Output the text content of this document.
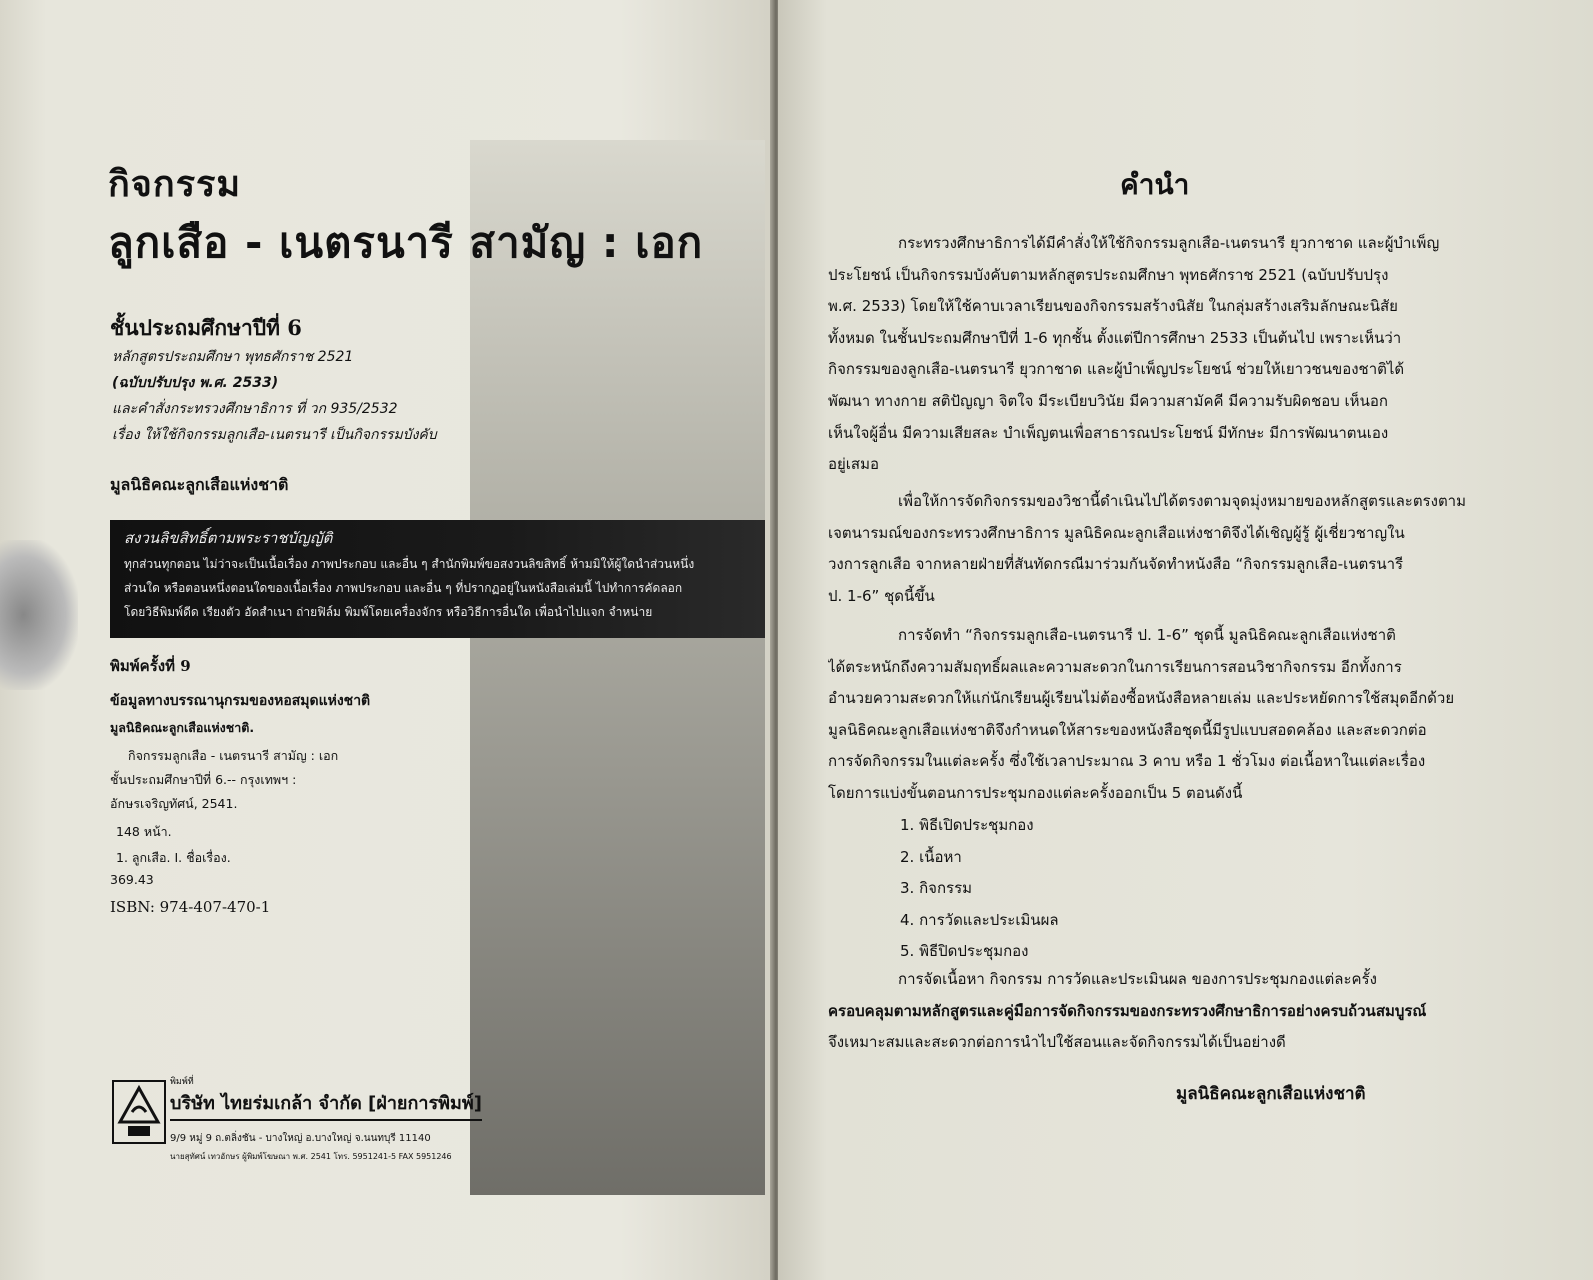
กิจกรรม
ลูกเสือ - เนตรนารี สามัญ : เอก
ชั้นประถมศึกษาปีที่ 6
หลักสูตรประถมศึกษา พุทธศักราช 2521
(ฉบับปรับปรุง พ.ศ. 2533)
และคำสั่งกระทรวงศึกษาธิการ ที่ วก 935/2532
เรื่อง ให้ใช้กิจกรรมลูกเสือ-เนตรนารี เป็นกิจกรรมบังคับ
มูลนิธิคณะลูกเสือแห่งชาติ
สงวนลิขสิทธิ์ตามพระราชบัญญัติ
ทุกส่วนทุกตอน ไม่ว่าจะเป็นเนื้อเรื่อง ภาพประกอบ และอื่น ๆ สำนักพิมพ์ขอสงวนลิขสิทธิ์ ห้ามมิให้ผู้ใดนำส่วนหนึ่ง
ส่วนใด หรือตอนหนึ่งตอนใดของเนื้อเรื่อง ภาพประกอบ และอื่น ๆ ที่ปรากฏอยู่ในหนังสือเล่มนี้ ไปทำการคัดลอก
โดยวิธีพิมพ์ดีด เรียงตัว อัดสำเนา ถ่ายฟิล์ม พิมพ์โดยเครื่องจักร หรือวิธีการอื่นใด เพื่อนำไปแจก จำหน่าย
พิมพ์ครั้งที่ 9
ข้อมูลทางบรรณานุกรมของหอสมุดแห่งชาติ
มูลนิธิคณะลูกเสือแห่งชาติ.
กิจกรรมลูกเสือ - เนตรนารี สามัญ : เอก
ชั้นประถมศึกษาปีที่ 6.-- กรุงเทพฯ :
อักษรเจริญทัศน์, 2541.
148 หน้า.
1. ลูกเสือ. I. ชื่อเรื่อง.
369.43
ISBN: 974-407-470-1
พิมพ์ที่
บริษัท ไทยร่มเกล้า จำกัด [ฝ่ายการพิมพ์]
9/9 หมู่ 9 ถ.ตลิ่งชัน - บางใหญ่ อ.บางใหญ่ จ.นนทบุรี 11140
นายสุทัศน์ เทวอักษร ผู้พิมพ์โฆษณา พ.ศ. 2541 โทร. 5951241-5 FAX 5951246
คำนำ
กระทรวงศึกษาธิการได้มีคำสั่งให้ใช้กิจกรรมลูกเสือ-เนตรนารี ยุวกาชาด และผู้บำเพ็ญ
ประโยชน์ เป็นกิจกรรมบังคับตามหลักสูตรประถมศึกษา พุทธศักราช 2521 (ฉบับปรับปรุง
พ.ศ. 2533) โดยให้ใช้คาบเวลาเรียนของกิจกรรมสร้างนิสัย ในกลุ่มสร้างเสริมลักษณะนิสัย
ทั้งหมด ในชั้นประถมศึกษาปีที่ 1-6 ทุกชั้น ตั้งแต่ปีการศึกษา 2533 เป็นต้นไป เพราะเห็นว่า
กิจกรรมของลูกเสือ-เนตรนารี ยุวกาชาด และผู้บำเพ็ญประโยชน์ ช่วยให้เยาวชนของชาติได้
พัฒนา ทางกาย สติปัญญา จิตใจ มีระเบียบวินัย มีความสามัคคี มีความรับผิดชอบ เห็นอก
เห็นใจผู้อื่น มีความเสียสละ บำเพ็ญตนเพื่อสาธารณประโยชน์ มีทักษะ มีการพัฒนาตนเอง
อยู่เสมอ
เพื่อให้การจัดกิจกรรมของวิชานี้ดำเนินไปได้ตรงตามจุดมุ่งหมายของหลักสูตรและตรงตาม
เจตนารมณ์ของกระทรวงศึกษาธิการ มูลนิธิคณะลูกเสือแห่งชาติจึงได้เชิญผู้รู้ ผู้เชี่ยวชาญใน
วงการลูกเสือ จากหลายฝ่ายที่สันทัดกรณีมาร่วมกันจัดทำหนังสือ “กิจกรรมลูกเสือ-เนตรนารี
ป. 1-6” ชุดนี้ขึ้น
การจัดทำ “กิจกรรมลูกเสือ-เนตรนารี ป. 1-6” ชุดนี้ มูลนิธิคณะลูกเสือแห่งชาติ
ได้ตระหนักถึงความสัมฤทธิ์ผลและความสะดวกในการเรียนการสอนวิชากิจกรรม อีกทั้งการ
อำนวยความสะดวกให้แก่นักเรียนผู้เรียนไม่ต้องซื้อหนังสือหลายเล่ม และประหยัดการใช้สมุดอีกด้วย
มูลนิธิคณะลูกเสือแห่งชาติจึงกำหนดให้สาระของหนังสือชุดนี้มีรูปแบบสอดคล้อง และสะดวกต่อ
การจัดกิจกรรมในแต่ละครั้ง ซึ่งใช้เวลาประมาณ 3 คาบ หรือ 1 ชั่วโมง ต่อเนื้อหาในแต่ละเรื่อง
โดยการแบ่งขั้นตอนการประชุมกองแต่ละครั้งออกเป็น 5 ตอนดังนี้
1. พิธีเปิดประชุมกอง
2. เนื้อหา
3. กิจกรรม
4. การวัดและประเมินผล
5. พิธีปิดประชุมกอง
การจัดเนื้อหา กิจกรรม การวัดและประเมินผล ของการประชุมกองแต่ละครั้ง
ครอบคลุมตามหลักสูตรและคู่มือการจัดกิจกรรมของกระทรวงศึกษาธิการอย่างครบถ้วนสมบูรณ์
จึงเหมาะสมและสะดวกต่อการนำไปใช้สอนและจัดกิจกรรมได้เป็นอย่างดี
มูลนิธิคณะลูกเสือแห่งชาติ
